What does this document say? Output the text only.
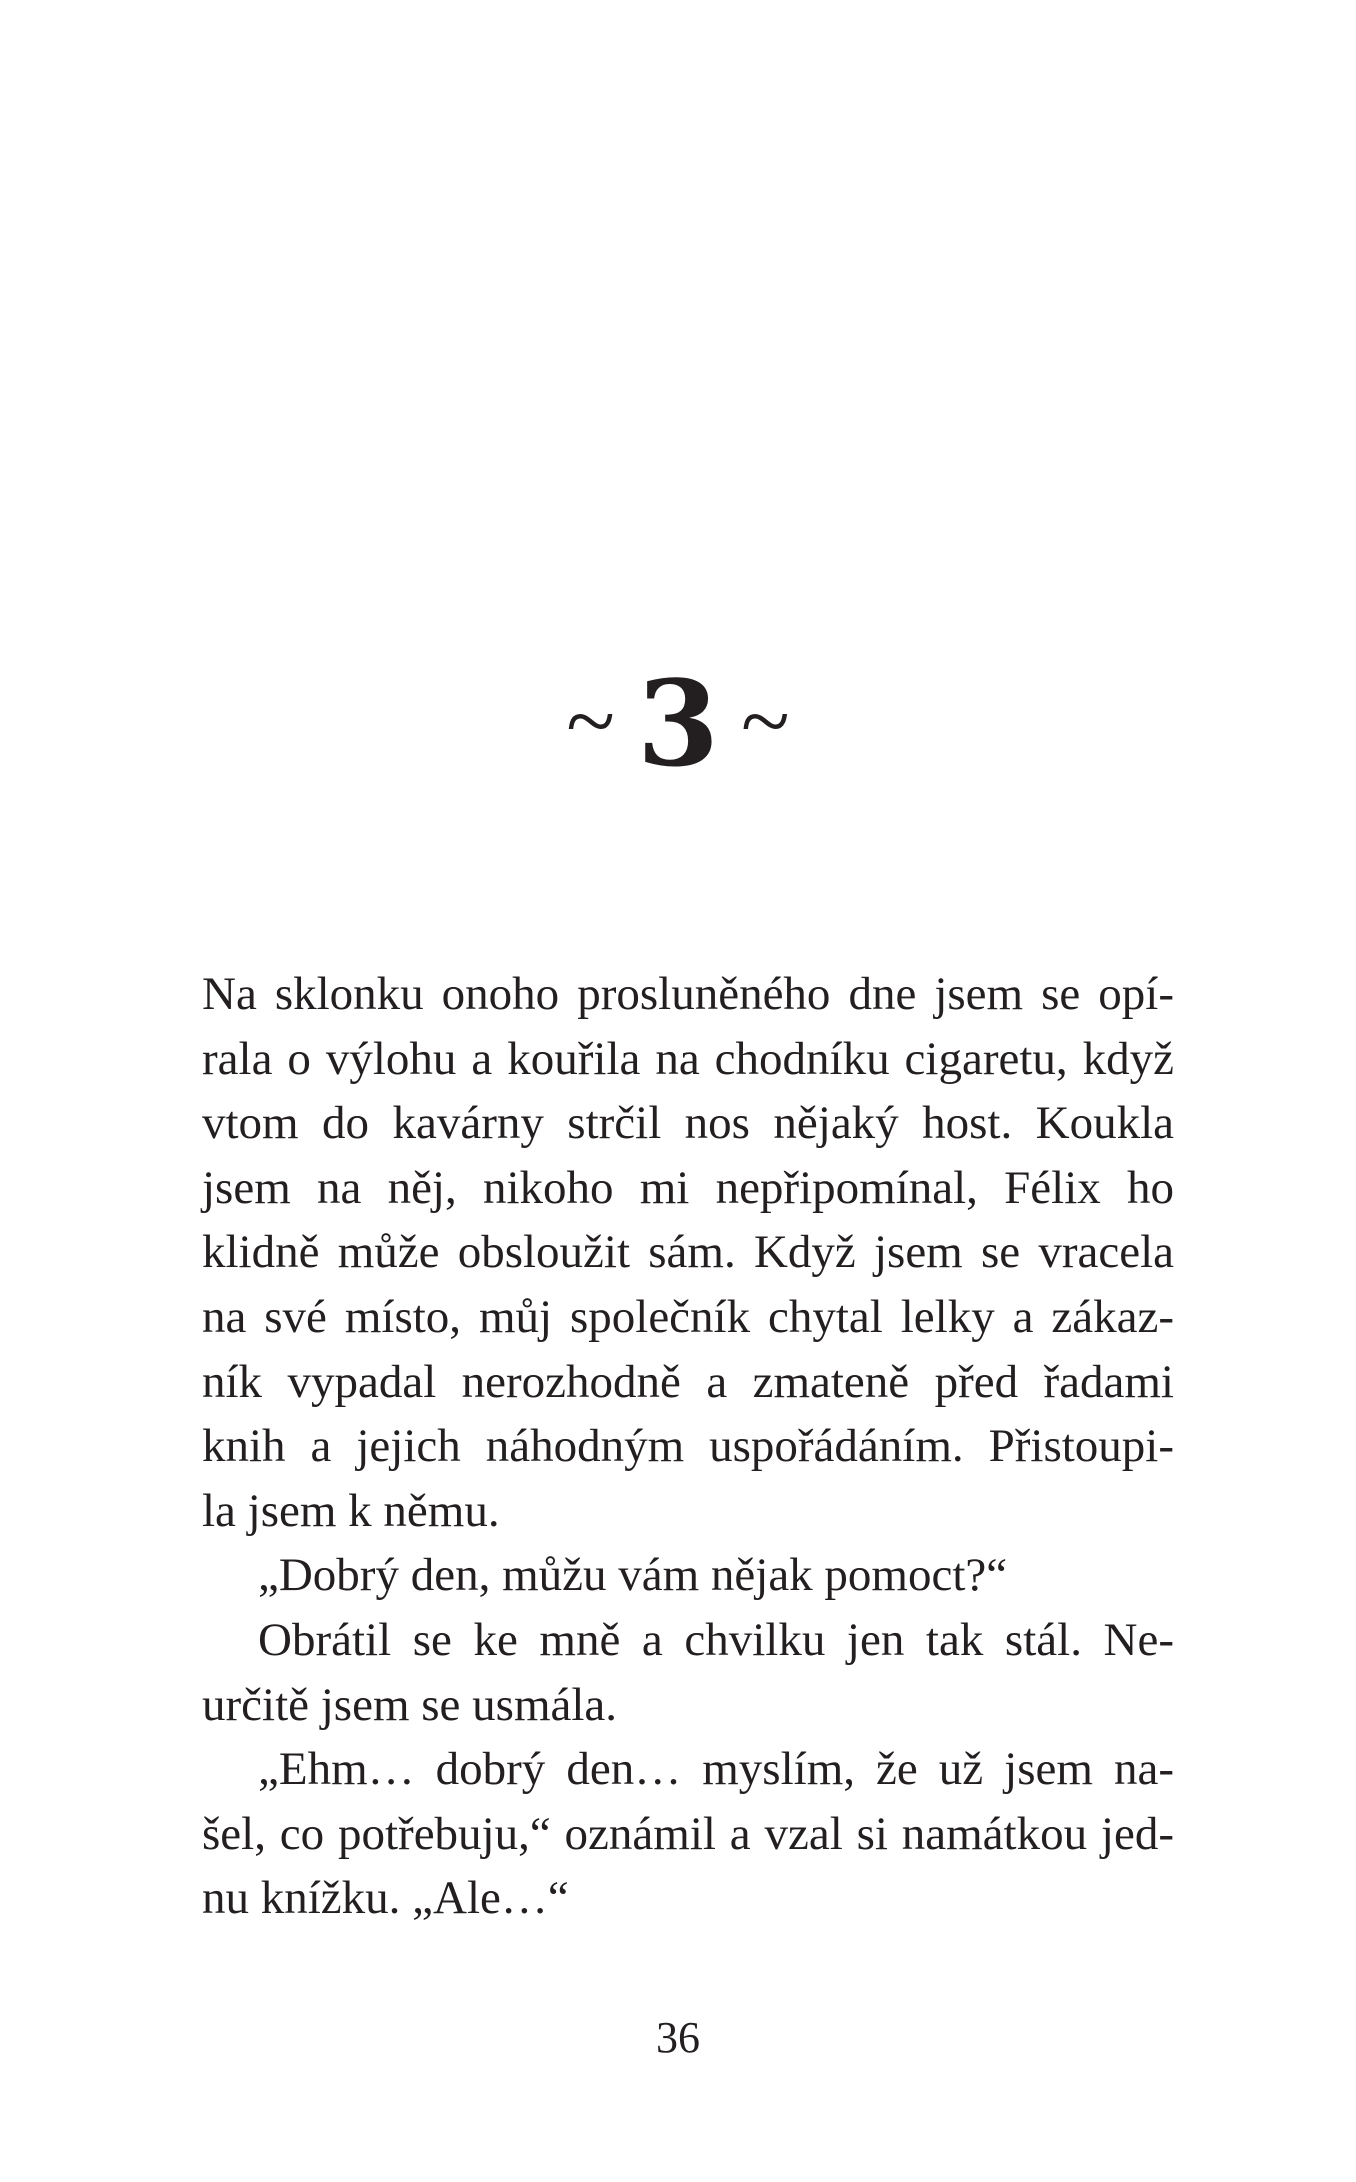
~ 3 ~
Na sklonku onoho prosluněného dne jsem se opí-
rala o výlohu a kouřila na chodníku cigaretu, když
vtom do kavárny strčil nos nějaký host. Koukla
jsem na něj, nikoho mi nepřipomínal, Félix ho
klidně může obsloužit sám. Když jsem se vracela
na své místo, můj společník chytal lelky a zákaz-
ník vypadal nerozhodně a zmateně před řadami
knih a jejich náhodným uspořádáním. Přistoupi-
la jsem k němu.
„Dobrý den, můžu vám nějak pomoct?“
Obrátil se ke mně a chvilku jen tak stál. Ne-
určitě jsem se usmála.
„Ehm… dobrý den… myslím, že už jsem na-
šel, co potřebuju,“ oznámil a vzal si namátkou jed-
nu knížku. „Ale…“
36
